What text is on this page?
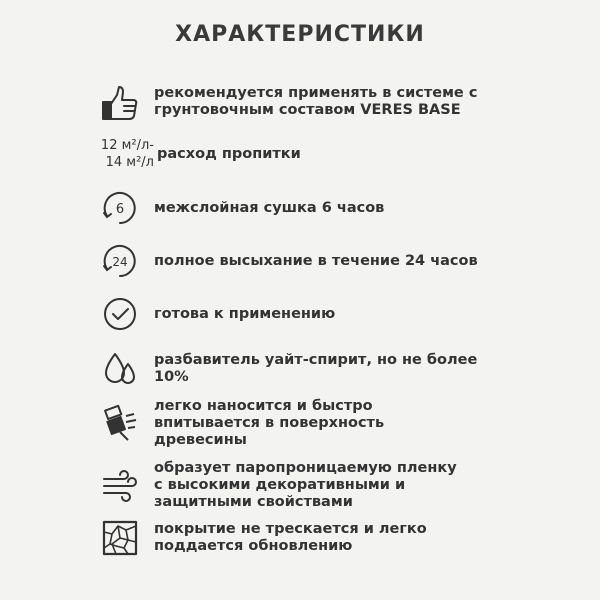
ХАРАКТЕРИСТИКИ
рекомендуется применять в системе с
грунтовочным составом VERES BASE
12 м²/л-
14 м²/л
расход пропитки
6 межслойная сушка 6 часов
24 полное высыхание в течение 24 часов
готова к применению
разбавитель уайт-спирит, но не более
10%
легко наносится и быстро
впитывается в поверхность
древесины
образует паропроницаемую пленку
с высокими декоративными и
защитными свойствами
покрытие не трескается и легко
поддается обновлению
